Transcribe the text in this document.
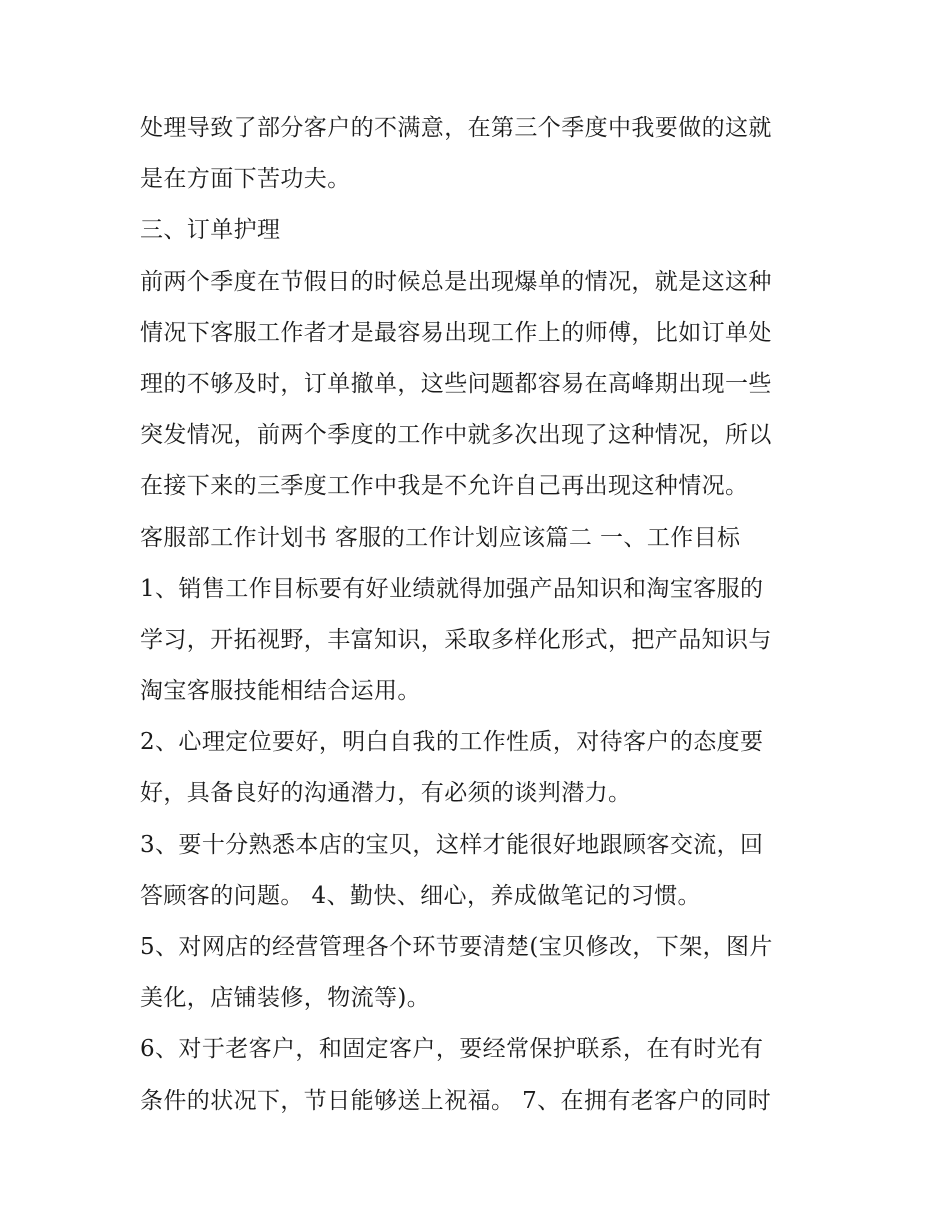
处理导致了部分客户的不满意，在第三个季度中我要做的这就
是在方面下苦功夫。
三、订单护理
前两个季度在节假日的时候总是出现爆单的情况，就是这这种
情况下客服工作者才是最容易出现工作上的师傅，比如订单处
理的不够及时，订单撤单，这些问题都容易在高峰期出现一些
突发情况，前两个季度的工作中就多次出现了这种情况，所以
在接下来的三季度工作中我是不允许自己再出现这种情况。
客服部工作计划书 客服的工作计划应该篇二 一、工作目标
1、销售工作目标要有好业绩就得加强产品知识和淘宝客服的
学习，开拓视野，丰富知识，采取多样化形式，把产品知识与
淘宝客服技能相结合运用。
2、心理定位要好，明白自我的工作性质，对待客户的态度要
好，具备良好的沟通潜力，有必须的谈判潜力。
3、要十分熟悉本店的宝贝，这样才能很好地跟顾客交流，回
答顾客的问题。 4、勤快、细心，养成做笔记的习惯。
5、对网店的经营管理各个环节要清楚(宝贝修改，下架，图片
美化，店铺装修，物流等)。
6、对于老客户，和固定客户，要经常保护联系，在有时光有
条件的状况下，节日能够送上祝福。 7、在拥有老客户的同时
